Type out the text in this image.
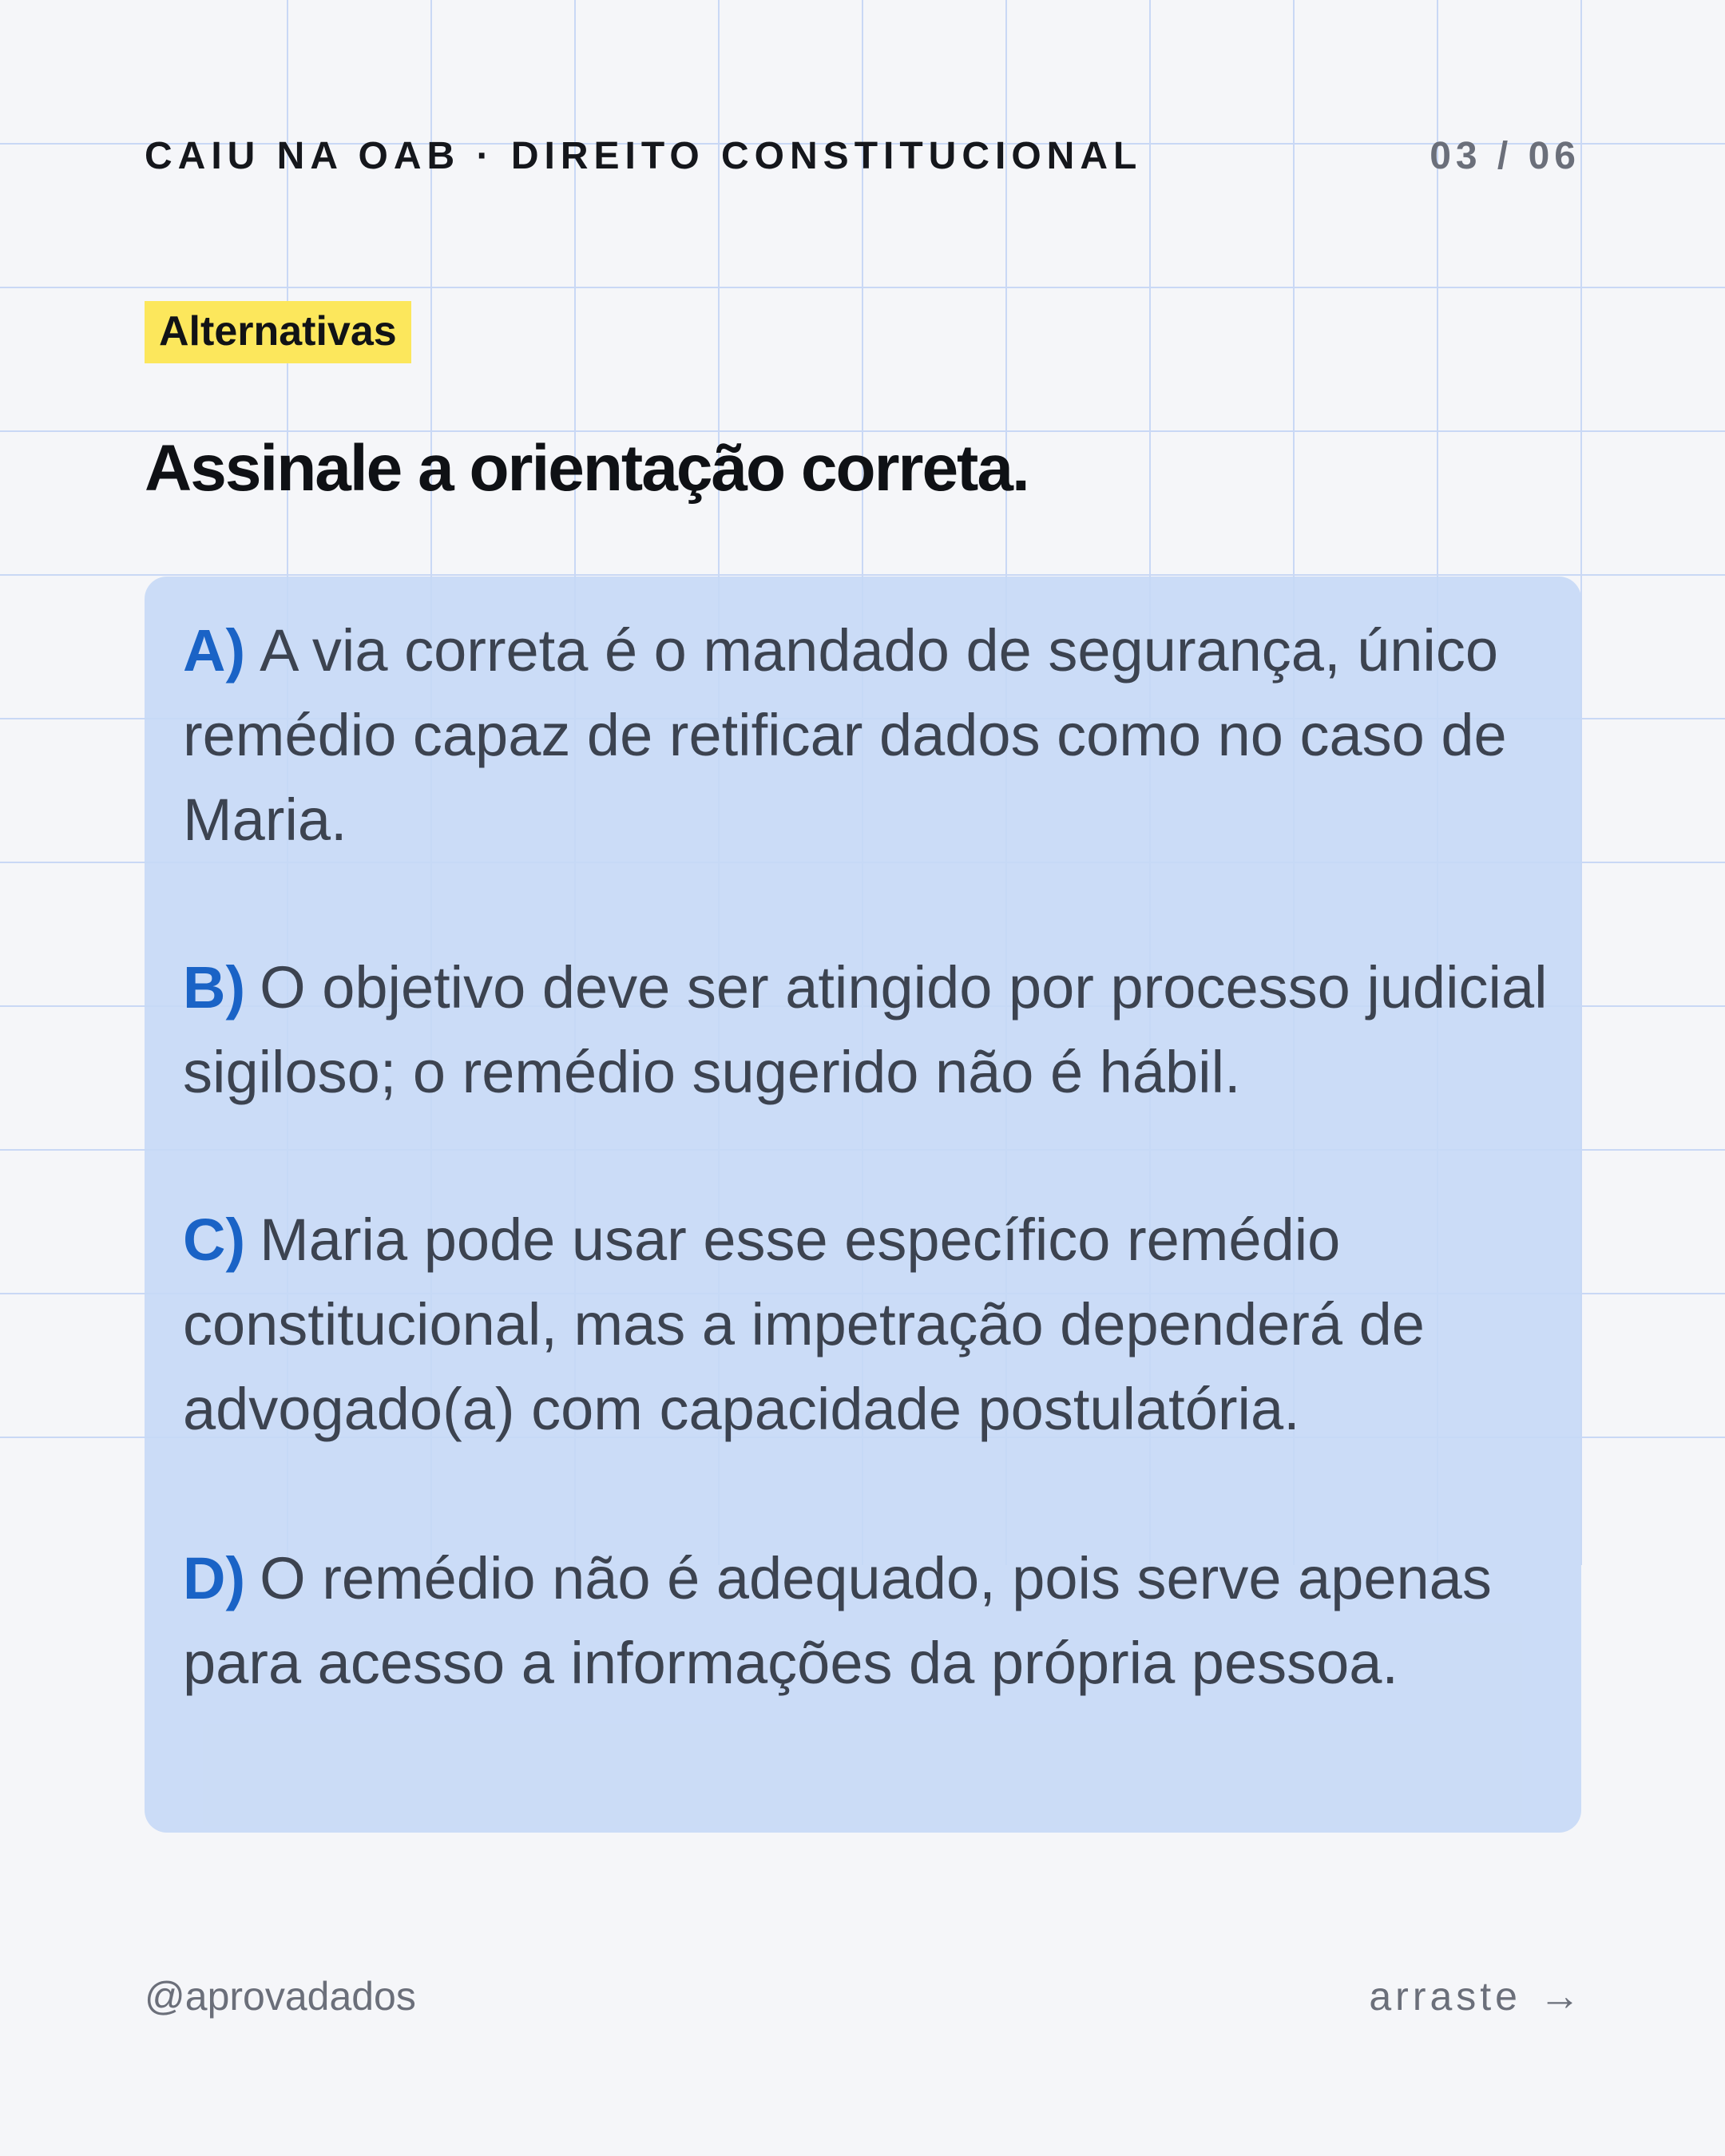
CAIU NA OAB · DIREITO CONSTITUCIONAL	03 / 06
Alternativas
Assinale a orientação correta.
A) A via correta é o mandado de segurança, único remédio capaz de retificar dados como no caso de Maria.
B) O objetivo deve ser atingido por processo judicial sigiloso; o remédio sugerido não é hábil.
C) Maria pode usar esse específico remédio constitucional, mas a impetração dependerá de advogado(a) com capacidade postulatória.
D) O remédio não é adequado, pois serve apenas para acesso a informações da própria pessoa.
@aprovadados	arraste →
